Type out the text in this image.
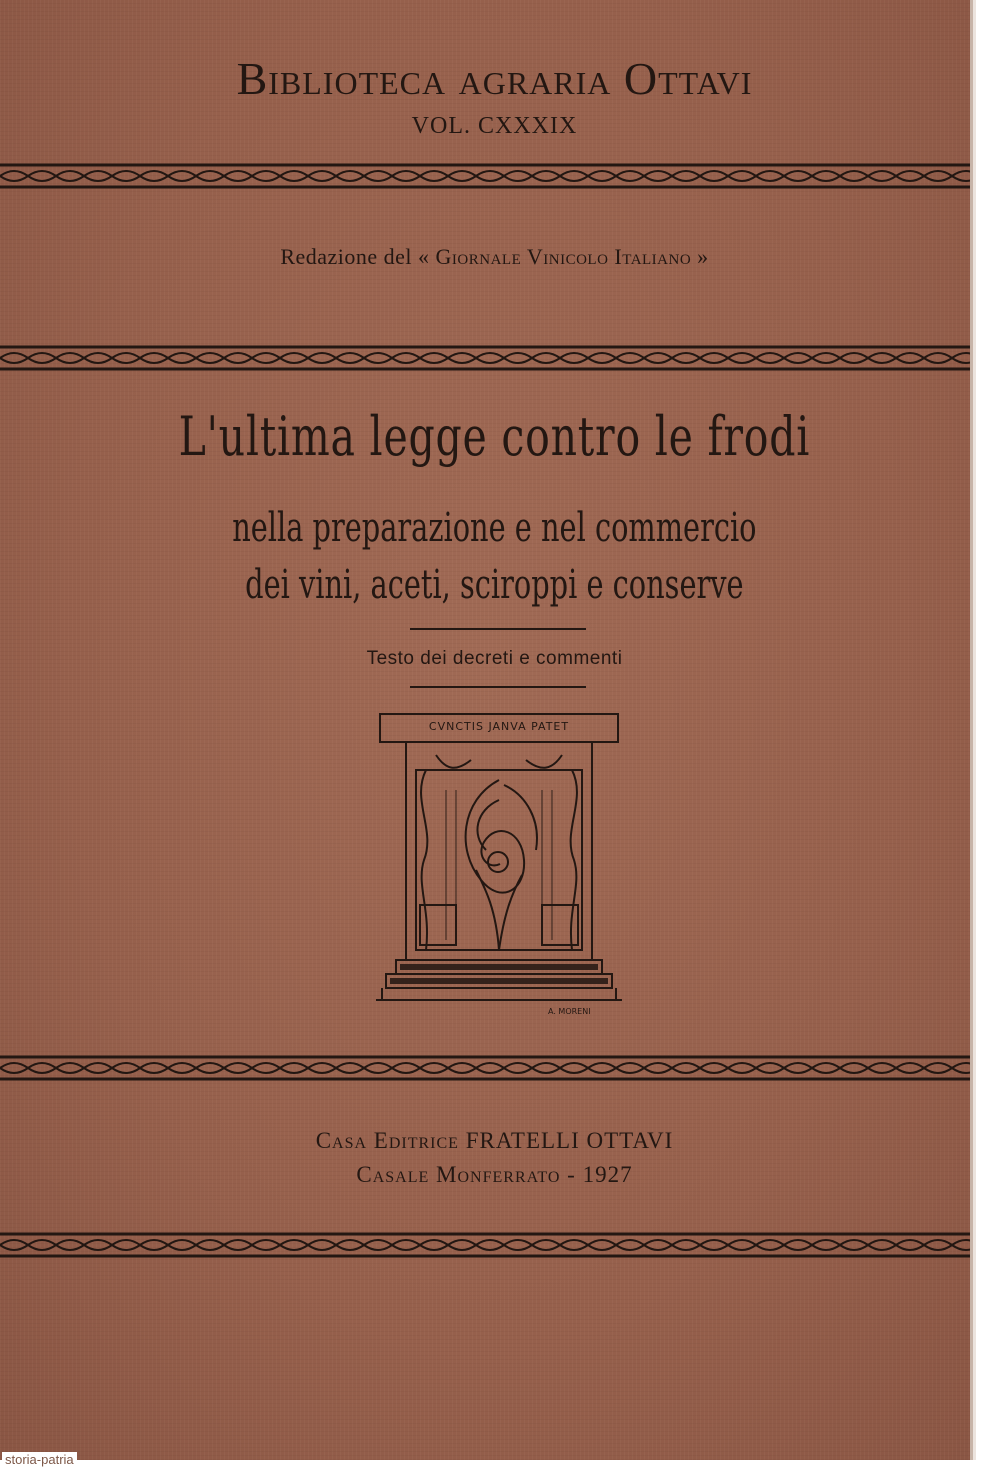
Biblioteca agraria Ottavi
VOL. CXXXIX
Redazione del « Giornale Vinicolo Italiano »
L'ultima legge contro le frodi
nella preparazione e nel commercio
dei vini, aceti, sciroppi e conserve
Testo dei decreti e commenti
CVNCTIS JANVA PATET
A. MORENI
Casa Editrice FRATELLI OTTAVI
Casale Monferrato - 1927
storia-patria
